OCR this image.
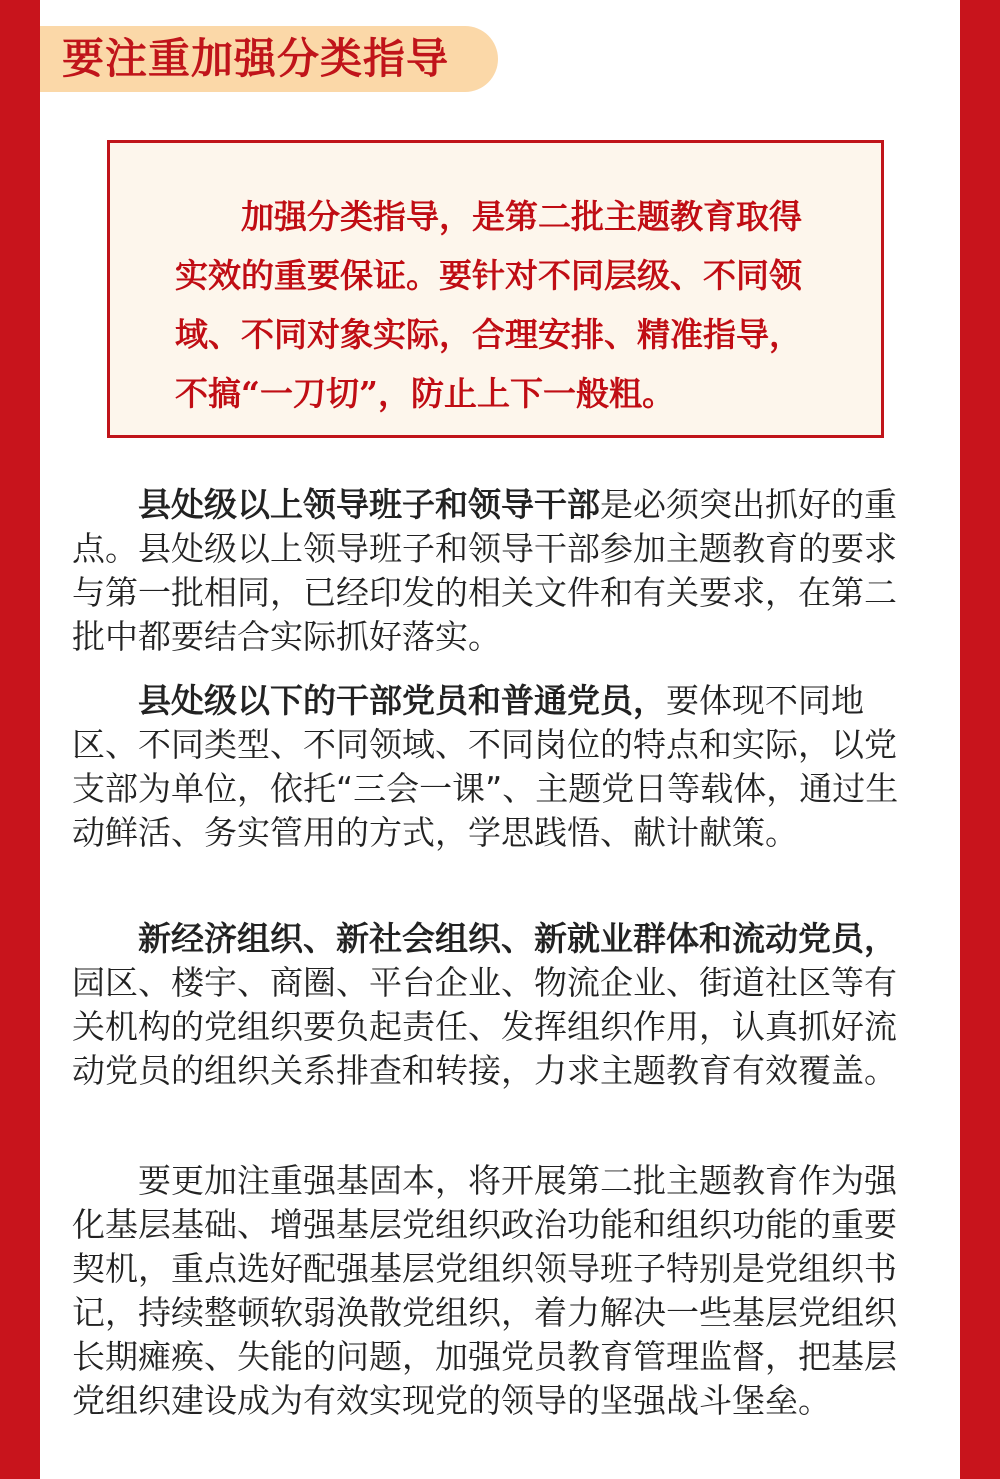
要注重加强分类指导

加强分类指导，是第二批主题教育取得实效的重要保证。要针对不同层级、不同领域、不同对象实际，合理安排、精准指导，不搞“一刀切”，防止上下一般粗。

县处级以上领导班子和领导干部是必须突出抓好的重点。县处级以上领导班子和领导干部参加主题教育的要求与第一批相同，已经印发的相关文件和有关要求，在第二批中都要结合实际抓好落实。

县处级以下的干部党员和普通党员，要体现不同地区、不同类型、不同领域、不同岗位的特点和实际，以党支部为单位，依托“三会一课”、主题党日等载体，通过生动鲜活、务实管用的方式，学思践悟、献计献策。

新经济组织、新社会组织、新就业群体和流动党员，园区、楼宇、商圈、平台企业、物流企业、街道社区等有关机构的党组织要负起责任、发挥组织作用，认真抓好流动党员的组织关系排查和转接，力求主题教育有效覆盖。

要更加注重强基固本，将开展第二批主题教育作为强化基层基础、增强基层党组织政治功能和组织功能的重要契机，重点选好配强基层党组织领导班子特别是党组织书记，持续整顿软弱涣散党组织，着力解决一些基层党组织长期瘫痪、失能的问题，加强党员教育管理监督，把基层党组织建设成为有效实现党的领导的坚强战斗堡垒。
